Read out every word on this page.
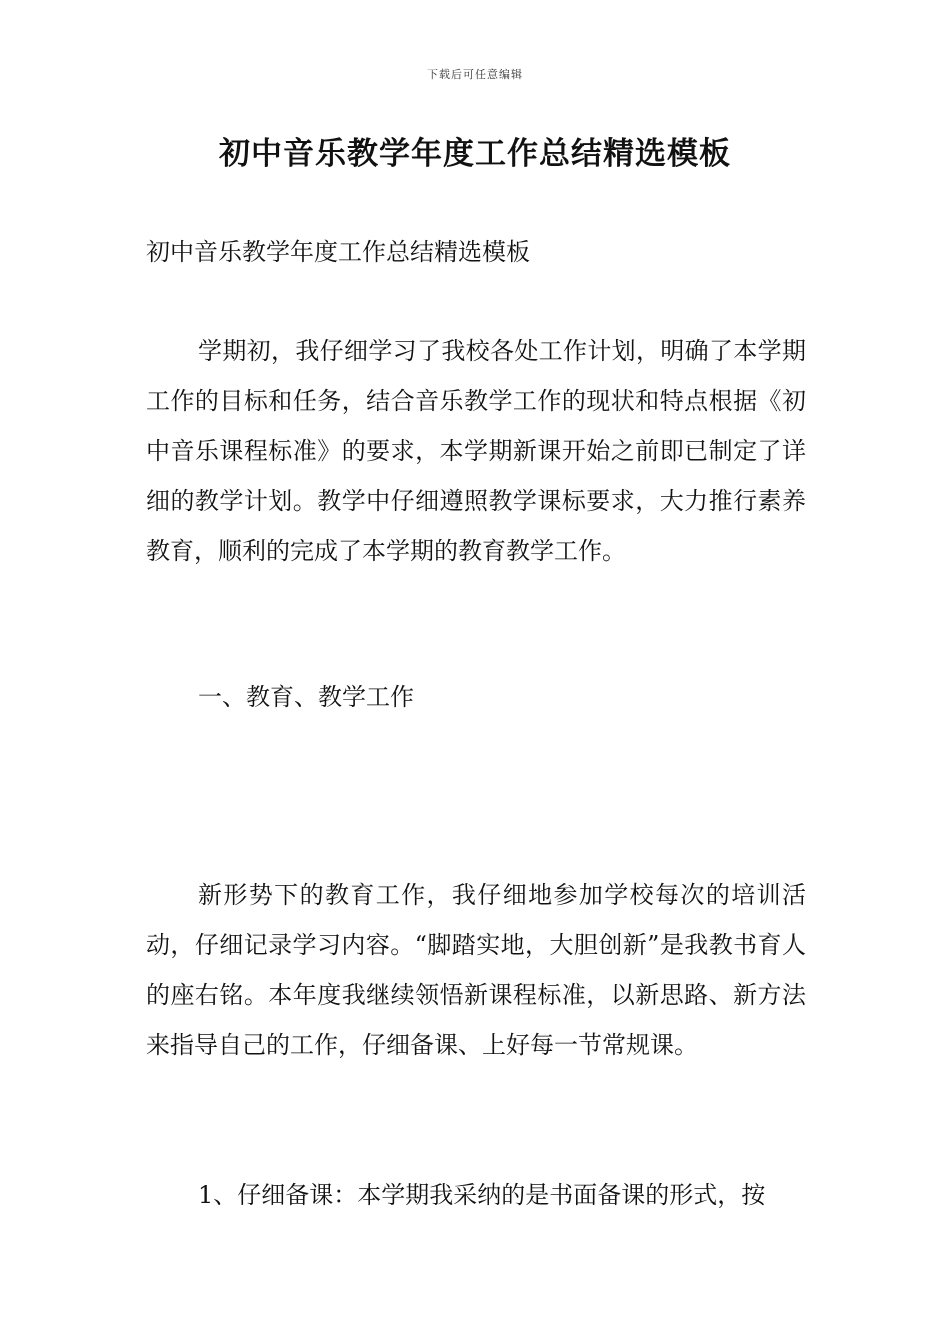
下载后可任意编辑
初中音乐教学年度工作总结精选模板

初中音乐教学年度工作总结精选模板

学期初，我仔细学习了我校各处工作计划，明确了本学期工作的目标和任务，结合音乐教学工作的现状和特点根据《初中音乐课程标准》的要求，本学期新课开始之前即已制定了详细的教学计划。教学中仔细遵照教学课标要求，大力推行素养教育，顺利的完成了本学期的教育教学工作。

一、教育、教学工作

新形势下的教育工作，我仔细地参加学校每次的培训活动，仔细记录学习内容。“脚踏实地，大胆创新”是我教书育人的座右铭。本年度我继续领悟新课程标准，以新思路、新方法来指导自己的工作，仔细备课、上好每一节常规课。

1、仔细备课：本学期我采纳的是书面备课的形式，按
